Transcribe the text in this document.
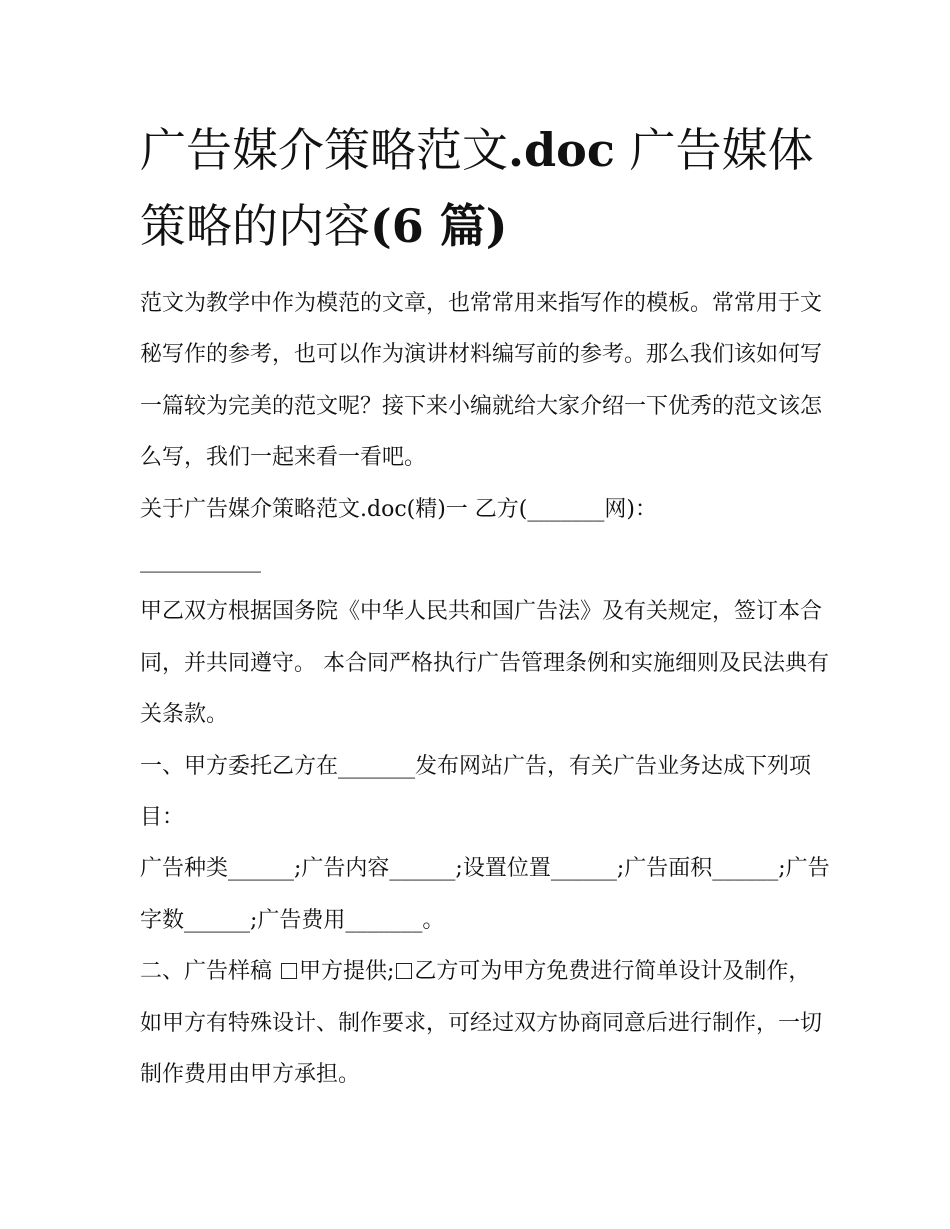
广告媒介策略范文.doc 广告媒体策略的内容(6 篇)

范文为教学中作为模范的文章，也常常用来指写作的模板。常常用于文秘写作的参考，也可以作为演讲材料编写前的参考。那么我们该如何写一篇较为完美的范文呢？接下来小编就给大家介绍一下优秀的范文该怎么写，我们一起来看一看吧。

关于广告媒介策略范文.doc(精)一 乙方(_______网)：

___________

甲乙双方根据国务院《中华人民共和国广告法》及有关规定，签订本合同，并共同遵守。 本合同严格执行广告管理条例和实施细则及民法典有关条款。

一、甲方委托乙方在_______发布网站广告，有关广告业务达成下列项目：

广告种类______;广告内容______;设置位置______;广告面积______;广告字数______;广告费用_______。

二、广告样稿 甲方提供; 乙方可为甲方免费进行简单设计及制作，如甲方有特殊设计、制作要求，可经过双方协商同意后进行制作，一切制作费用由甲方承担。
